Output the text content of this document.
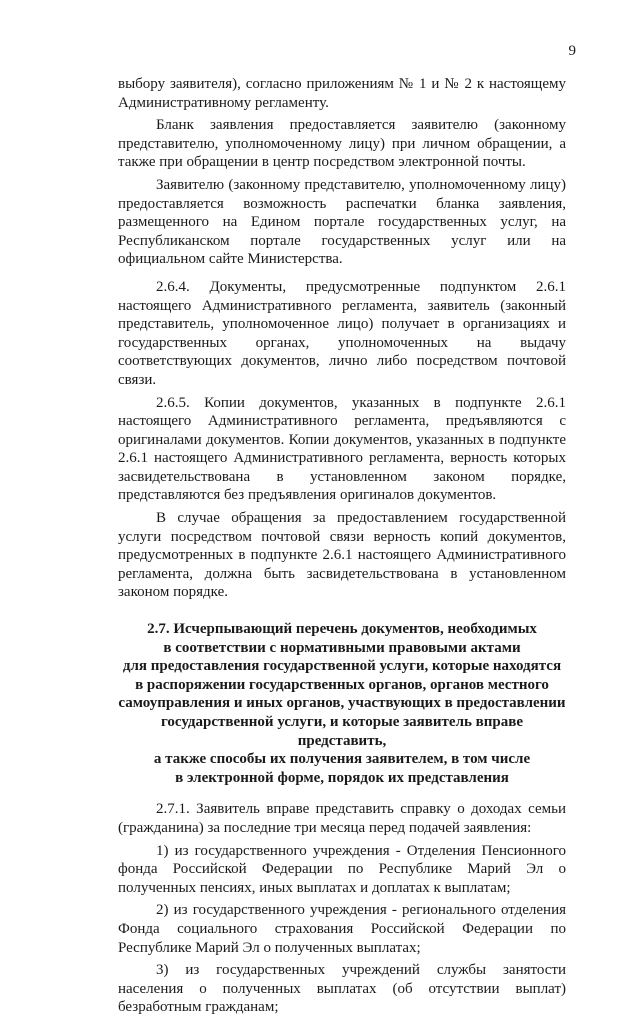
9

выбору заявителя), согласно приложениям № 1 и № 2 к настоящему Административному регламенту.

Бланк заявления предоставляется заявителю (законному представителю, уполномоченному лицу) при личном обращении, а также при обращении в центр посредством электронной почты.

Заявителю (законному представителю, уполномоченному лицу) предоставляется возможность распечатки бланка заявления, размещенного на Едином портале государственных услуг, на Республиканском портале государственных услуг или на официальном сайте Министерства.

2.6.4. Документы, предусмотренные подпунктом 2.6.1 настоящего Административного регламента, заявитель (законный представитель, уполномоченное лицо) получает в организациях и государственных органах, уполномоченных на выдачу соответствующих документов, лично либо посредством почтовой связи.

2.6.5. Копии документов, указанных в подпункте 2.6.1 настоящего Административного регламента, предъявляются с оригиналами документов. Копии документов, указанных в подпункте 2.6.1 настоящего Административного регламента, верность которых засвидетельствована в установленном законом порядке, представляются без предъявления оригиналов документов.

В случае обращения за предоставлением государственной услуги посредством почтовой связи верность копий документов, предусмотренных в подпункте 2.6.1 настоящего Административного регламента, должна быть засвидетельствована в установленном законом порядке.

2.7. Исчерпывающий перечень документов, необходимых
в соответствии с нормативными правовыми актами
для предоставления государственной услуги, которые находятся
в распоряжении государственных органов, органов местного
самоуправления и иных органов, участвующих в предоставлении
государственной услуги, и которые заявитель вправе представить,
а также способы их получения заявителем, в том числе
в электронной форме, порядок их представления

2.7.1. Заявитель вправе представить справку о доходах семьи (гражданина) за последние три месяца перед подачей заявления:

1) из государственного учреждения - Отделения Пенсионного фонда Российской Федерации по Республике Марий Эл о полученных пенсиях, иных выплатах и доплатах к выплатам;

2) из государственного учреждения - регионального отделения Фонда социального страхования Российской Федерации по Республике Марий Эл о полученных выплатах;

3) из государственных учреждений службы занятости населения о полученных выплатах (об отсутствии выплат) безработным гражданам;
